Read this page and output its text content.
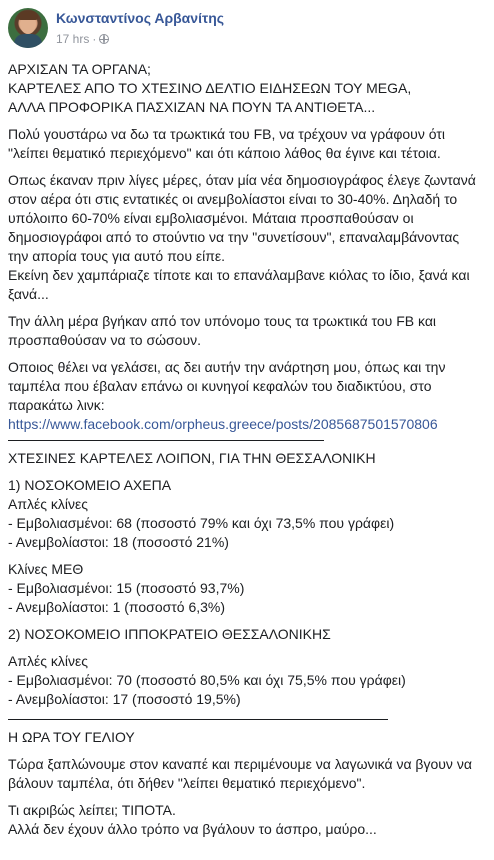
Κωνσταντίνος Αρβανίτης
17 hrs ·

ΑΡΧΙΣΑΝ ΤΑ ΟΡΓΑΝΑ;

ΚΑΡΤΕΛΕΣ ΑΠΟ ΤΟ ΧΤΕΣΙΝΟ ΔΕΛΤΙΟ ΕΙΔΗΣΕΩΝ ΤΟΥ MEGA,

ΑΛΛΑ ΠΡΟΦΟΡΙΚΑ ΠΑΣΧΙΖΑΝ ΝΑ ΠΟΥΝ ΤΑ ΑΝΤΙΘΕΤΑ...

Πολύ γουστάρω να δω τα τρωκτικά του FB, να τρέχουν να γράφουν ότι

"λείπει θεματικό περιεχόμενο" και ότι κάποιο λάθος θα έγινε και τέτοια.

Οπως έκαναν πριν λίγες μέρες, όταν μία νέα δημοσιογράφος έλεγε ζωντανά

στον αέρα ότι στις εντατικές οι ανεμβολίαστοι είναι το 30-40%. Δηλαδή το

υπόλοιπο 60-70% είναι εμβολιασμένοι. Μάταια προσπαθούσαν οι

δημοσιογράφοι από το στούντιο να την "συνετίσουν", επαναλαμβάνοντας

την απορία τους για αυτό που είπε.

Εκείνη δεν χαμπάριαζε τίποτε και το επανάλαμβανε κιόλας το ίδιο, ξανά και

ξανά...

Την άλλη μέρα βγήκαν από τον υπόνομο τους τα τρωκτικά του FB και

προσπαθούσαν να το σώσουν.

Οποιος θέλει να γελάσει, ας δει αυτήν την ανάρτηση μου, όπως και την

ταμπέλα που έβαλαν επάνω οι κυνηγοί κεφαλών του διαδικτύου, στο

παρακάτω λινκ:

https://www.facebook.com/orpheus.greece/posts/2085687501570806

ΧΤΕΣΙΝΕΣ ΚΑΡΤΕΛΕΣ ΛΟΙΠΟΝ, ΓΙΑ ΤΗΝ ΘΕΣΣΑΛΟΝΙΚΗ

1) ΝΟΣΟΚΟΜΕΙΟ ΑΧΕΠΑ

Απλές κλίνες

- Εμβολιασμένοι: 68 (ποσοστό 79% και όχι 73,5% που γράφει)

- Ανεμβολίαστοι: 18 (ποσοστό 21%)

Κλίνες ΜΕΘ

- Εμβολιασμένοι: 15 (ποσοστό 93,7%)

- Ανεμβολίαστοι: 1 (ποσοστό 6,3%)

2) ΝΟΣΟΚΟΜΕΙΟ ΙΠΠΟΚΡΑΤΕΙΟ ΘΕΣΣΑΛΟΝΙΚΗΣ

Απλές κλίνες

- Εμβολιασμένοι: 70 (ποσοστό 80,5% και όχι 75,5% που γράφει)

- Ανεμβολίαστοι: 17 (ποσοστό 19,5%)

Η ΩΡΑ ΤΟΥ ΓΕΛΙΟΥ

Τώρα ξαπλώνουμε στον καναπέ και περιμένουμε να λαγωνικά να βγουν να

βάλουν ταμπέλα, ότι δήθεν "λείπει θεματικό περιεχόμενο".

Τι ακριβώς λείπει; ΤΙΠΟΤΑ.

Αλλά δεν έχουν άλλο τρόπο να βγάλουν το άσπρο, μαύρο...
